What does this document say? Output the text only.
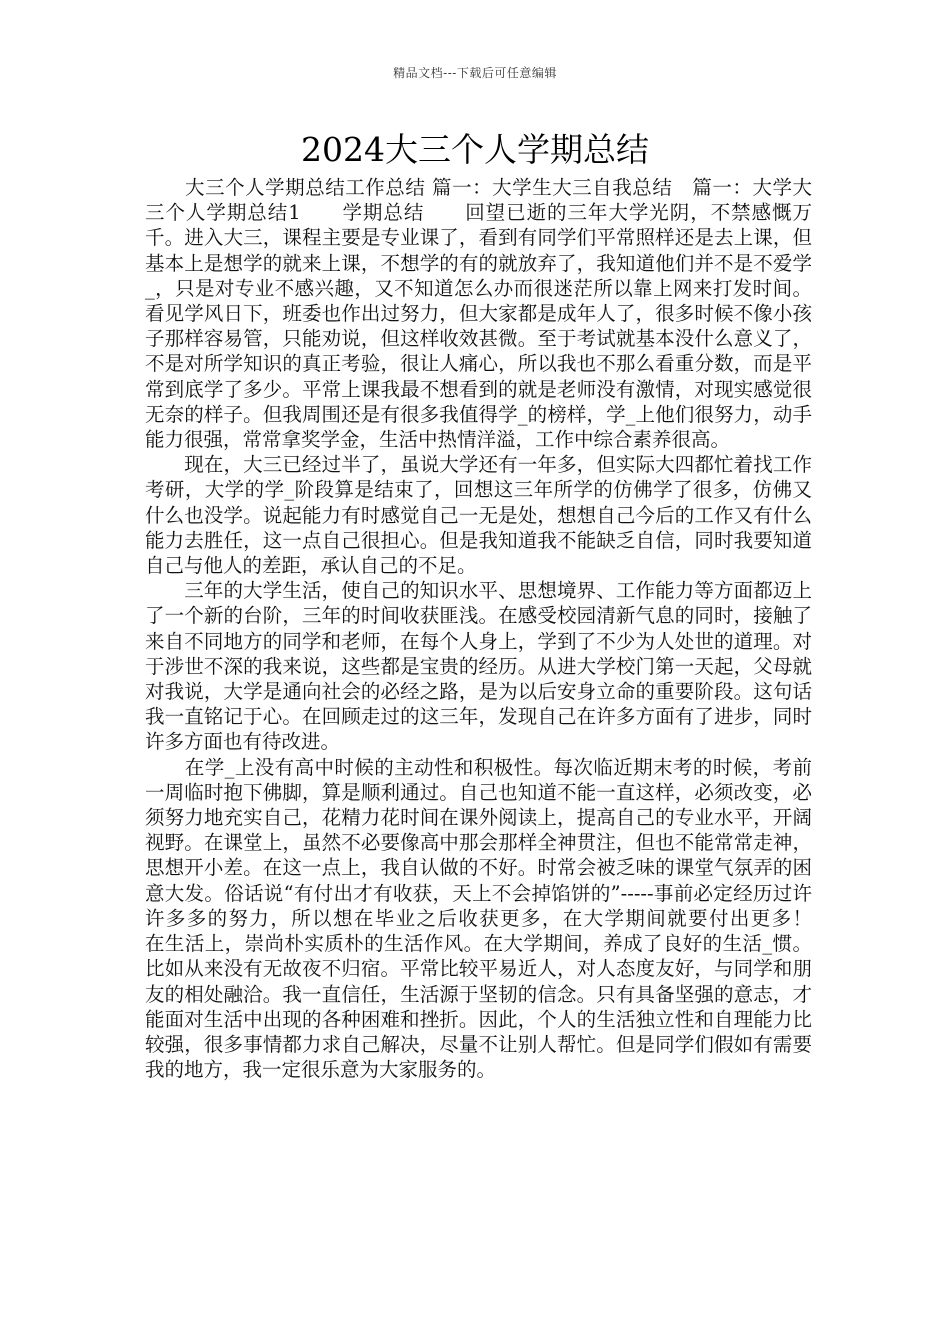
精品文档---下载后可任意编辑
2024大三个人学期总结

　　大三个人学期总结工作总结 篇一：大学生大三自我总结　篇一：大学大三个人学期总结1　　学期总结　　回望已逝的三年大学光阴，不禁感慨万千。进入大三，课程主要是专业课了，看到有同学们平常照样还是去上课，但基本上是想学的就来上课，不想学的有的就放弃了，我知道他们并不是不爱学_，只是对专业不感兴趣，又不知道怎么办而很迷茫所以靠上网来打发时间。看见学风日下，班委也作出过努力，但大家都是成年人了，很多时候不像小孩子那样容易管，只能劝说，但这样收效甚微。至于考试就基本没什么意义了，不是对所学知识的真正考验，很让人痛心，所以我也不那么看重分数，而是平常到底学了多少。平常上课我最不想看到的就是老师没有激情，对现实感觉很无奈的样子。但我周围还是有很多我值得学_的榜样，学_上他们很努力，动手能力很强，常常拿奖学金，生活中热情洋溢，工作中综合素养很高。

　　现在，大三已经过半了，虽说大学还有一年多，但实际大四都忙着找工作考研，大学的学_阶段算是结束了，回想这三年所学的仿佛学了很多，仿佛又什么也没学。说起能力有时感觉自己一无是处，想想自己今后的工作又有什么能力去胜任，这一点自己很担心。但是我知道我不能缺乏自信，同时我要知道自己与他人的差距，承认自己的不足。

　　三年的大学生活，使自己的知识水平、思想境界、工作能力等方面都迈上了一个新的台阶，三年的时间收获匪浅。在感受校园清新气息的同时，接触了来自不同地方的同学和老师，在每个人身上，学到了不少为人处世的道理。对于涉世不深的我来说，这些都是宝贵的经历。从进大学校门第一天起，父母就对我说，大学是通向社会的必经之路，是为以后安身立命的重要阶段。这句话我一直铭记于心。在回顾走过的这三年，发现自己在许多方面有了进步，同时许多方面也有待改进。

　　在学_上没有高中时候的主动性和积极性。每次临近期末考的时候，考前一周临时抱下佛脚，算是顺利通过。自己也知道不能一直这样，必须改变，必须努力地充实自己，花精力花时间在课外阅读上，提高自己的专业水平，开阔视野。在课堂上，虽然不必要像高中那会那样全神贯注，但也不能常常走神，思想开小差。在这一点上，我自认做的不好。时常会被乏味的课堂气氛弄的困意大发。俗话说“有付出才有收获，天上不会掉馅饼的”-----事前必定经历过许许多多的努力，所以想在毕业之后收获更多，在大学期间就要付出更多！　　在生活上，崇尚朴实质朴的生活作风。在大学期间，养成了良好的生活_惯。比如从来没有无故夜不归宿。平常比较平易近人，对人态度友好，与同学和朋友的相处融洽。我一直信任，生活源于坚韧的信念。只有具备坚强的意志，才能面对生活中出现的各种困难和挫折。因此，个人的生活独立性和自理能力比较强，很多事情都力求自己解决，尽量不让别人帮忙。但是同学们假如有需要我的地方，我一定很乐意为大家服务的。
